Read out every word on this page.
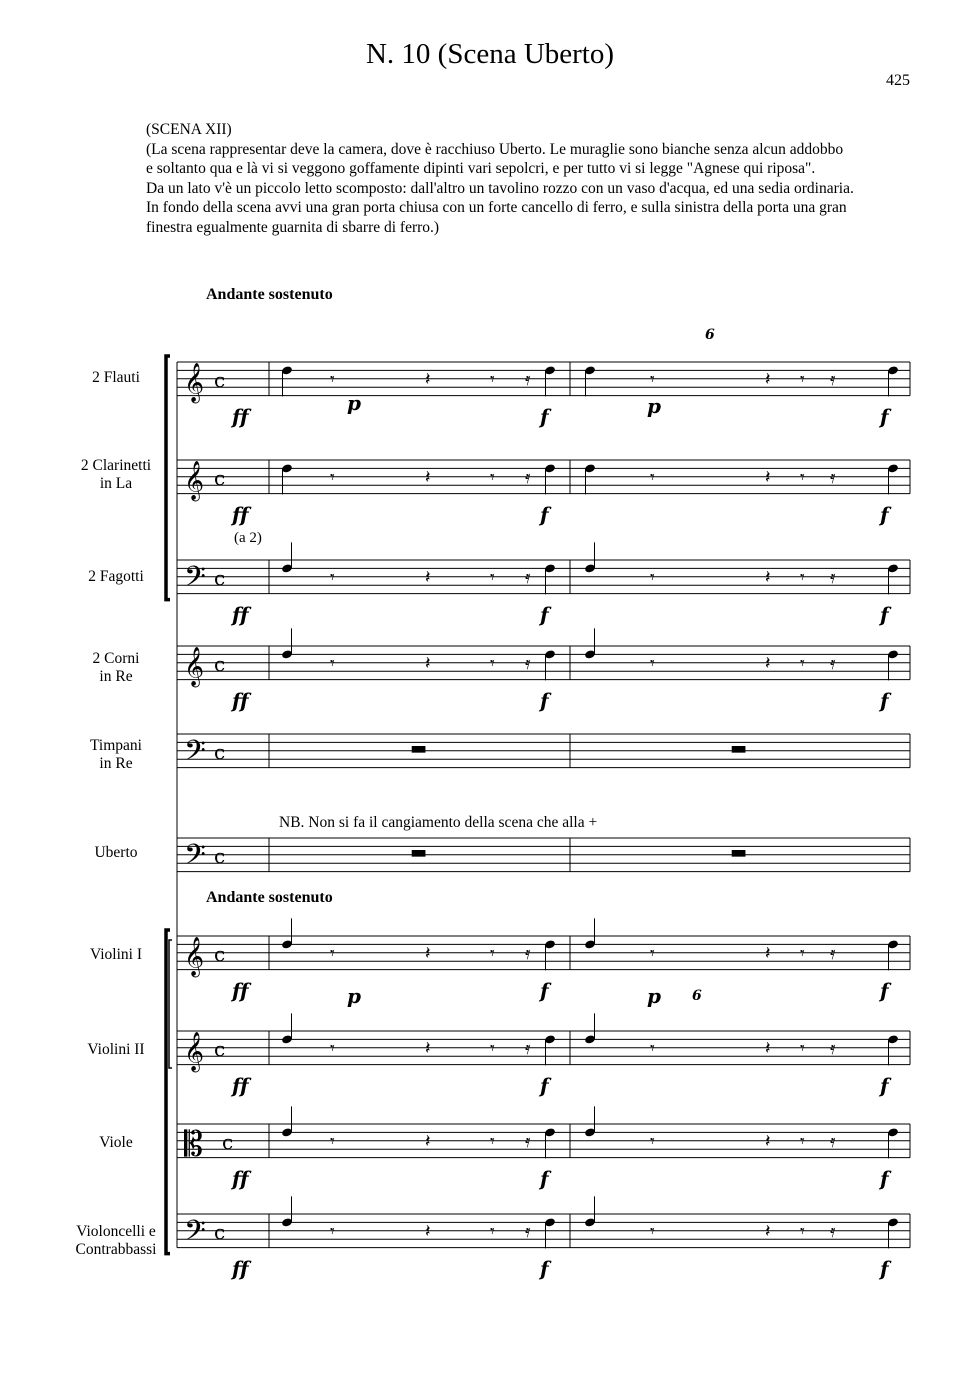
N. 10 (Scena Uberto)
425
(SCENA XII)
(La scena rappresentar deve la camera, dove è racchiuso Uberto. Le muraglie sono bianche senza alcun addobbo
e soltanto qua e là vi si veggono goffamente dipinti vari sepolcri, e per tutto vi si legge "Agnese qui riposa".
Da un lato v'è un piccolo letto scomposto: dall'altro un tavolino rozzo con un vaso d'acqua, ed una sedia ordinaria.
In fondo della scena avvi una gran porta chiusa con un forte cancello di ferro, e sulla sinistra della porta una gran
finestra egualmente guarnita di sbarre di ferro.)
Andante sostenuto
Andante sostenuto
NB. Non si fa il cangiamento della scena che alla +
(a 2)
2 Flauti
2 Clarinetti
in La
2 Fagotti
2 Corni
in Re
Timpani
in Re
Uberto
Violini I
Violini II
Viole
Violoncelli e
Contrabbassi
𝄞 c
𝄞 c
𝄢 c
𝄞 c
𝄢 c
𝄢 c
𝄞 c
𝄞 c
𝄡 c
𝄢 c
𝄾	𝄽	𝄾 𝄿	𝄾	𝄽 𝄾 𝄿
𝄾	𝄽	𝄾 𝄿	𝄾	𝄽 𝄾 𝄿
𝄾	𝄽	𝄾 𝄿	𝄾	𝄽 𝄾 𝄿
𝄾	𝄽	𝄾 𝄿	𝄾	𝄽 𝄾 𝄿
▬	▬
▬	▬
𝄾	𝄽	𝄾 𝄿	𝄾	𝄽 𝄾 𝄿
𝄾	𝄽	𝄾 𝄿	𝄾	𝄽 𝄾 𝄿
𝄾	𝄽	𝄾 𝄿	𝄾	𝄽 𝄾 𝄿
𝄾	𝄽	𝄾 𝄿	𝄾	𝄽 𝄾 𝄿
ff	f	f
ff	f	f
ff	f	f
ff	f	f
ff	f	f
ff	f	f
ff	f	f
ff	f	f
p	p
p	p
6
6
